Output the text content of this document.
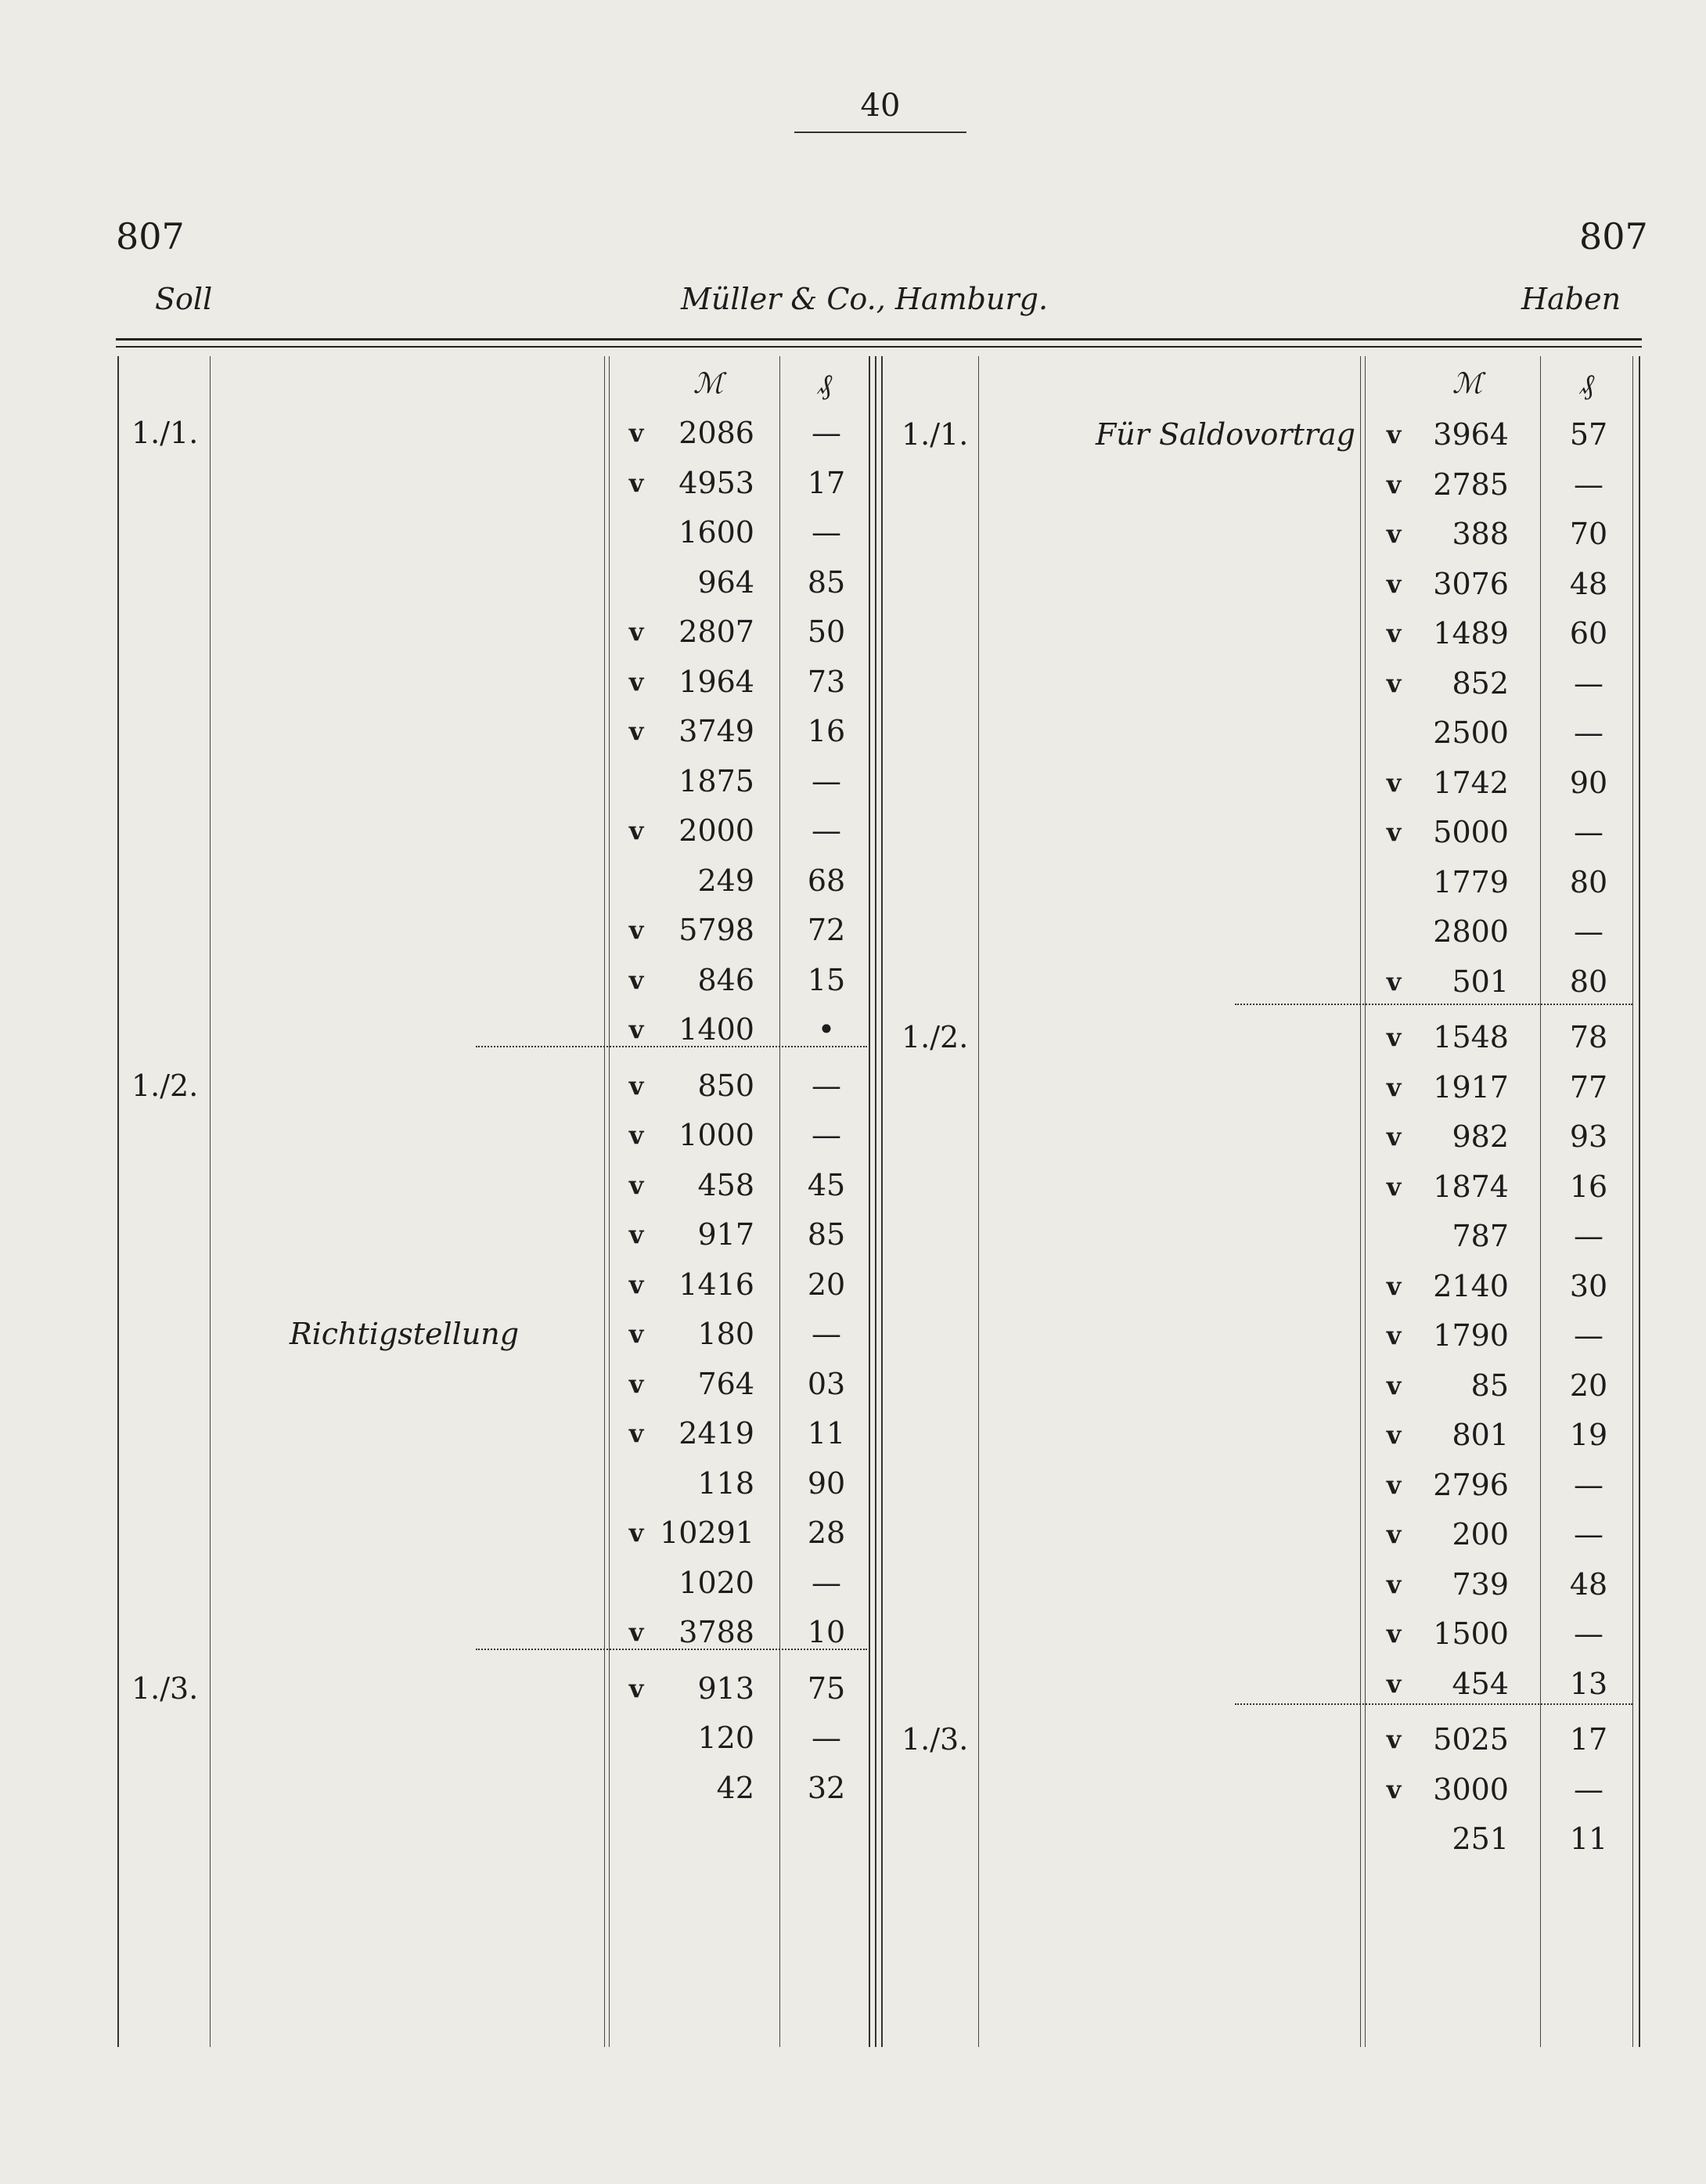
40
807	807
Soll	Müller & Co., Hamburg.	Haben
ℳ	₰	ℳ	₰
1./1.	v	2086	—
v	4953	17
1600	—
964	85
v	2807	50
v	1964	73
v	3749	16
1875	—
v	2000	—
249	68
v	5798	72
v	846	15
v	1400	•
1./2.	v	850	—
v	1000	—
v	458	45
v	917	85
v	1416	20
Richtigstellung	v	180	—
v	764	03
v	2419	11
118	90
v 10291	28
1020	—
v	3788	10
1./3.	v	913	75
120	—
42	32
1./1.	Für Saldovortrag v	3964	57
v	2785	—
v	388	70
v	3076	48
v	1489	60
v	852	—
2500	—
v	1742	90
v	5000	—
1779	80
2800	—
v	501	80
1./2.	v	1548	78
v	1917	77
v	982	93
v	1874	16
787	—
v	2140	30
v	1790	—
v	85	20
v	801	19
v	2796	—
v	200	—
v	739	48
v	1500	—
v	454	13
1./3.	v	5025	17
v	3000	—
251	11
